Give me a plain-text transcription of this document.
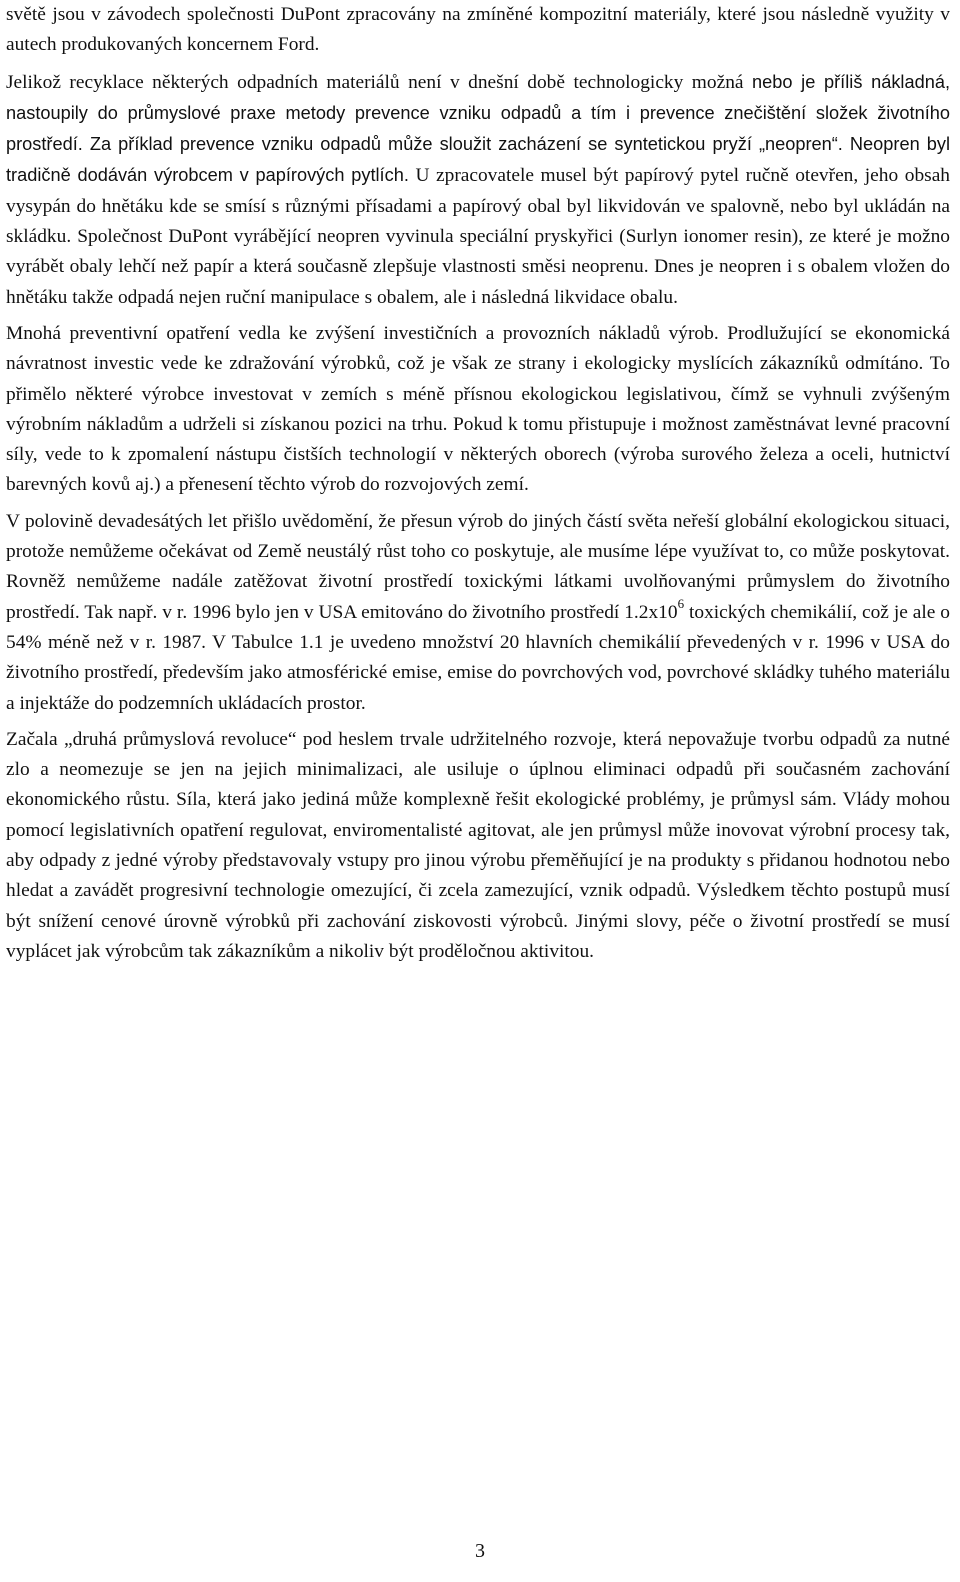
světě jsou v závodech společnosti DuPont zpracovány na zmíněné kompozitní materiály, které jsou následně využity v autech produkovaných koncernem Ford.

Jelikož recyklace některých odpadních materiálů není v dnešní době technologicky možná nebo je příliš nákladná, nastoupily do průmyslové praxe metody prevence vzniku odpadů a tím i prevence znečištění složek životního prostředí. Za příklad prevence vzniku odpadů může sloužit zacházení se syntetickou pryží „neopren“. Neopren byl tradičně dodáván výrobcem v papírových pytlích. U zpracovatele musel být papírový pytel ručně otevřen, jeho obsah vysypán do hnětáku kde se smísí s různými přísadami a papírový obal byl likvidován ve spalovně, nebo byl ukládán na skládku. Společnost DuPont vyrábějící neopren vyvinula speciální pryskyřici (Surlyn ionomer resin), ze které je možno vyrábět obaly lehčí než papír a která současně zlepšuje vlastnosti směsi neoprenu. Dnes je neopren i s obalem vložen do hnětáku takže odpadá nejen ruční manipulace s obalem, ale i následná likvidace obalu.

Mnohá preventivní opatření vedla ke zvýšení investičních a provozních nákladů výrob. Prodlužující se ekonomická návratnost investic vede ke zdražování výrobků, což je však ze strany i ekologicky myslících zákazníků odmítáno. To přimělo některé výrobce investovat v zemích s méně přísnou ekologickou legislativou, čímž se vyhnuli zvýšeným výrobním nákladům a udrželi si získanou pozici na trhu. Pokud k tomu přistupuje i možnost zaměstnávat levné pracovní síly, vede to k zpomalení nástupu čistších technologií v některých oborech (výroba surového železa a oceli, hutnictví barevných kovů aj.) a přenesení těchto výrob do rozvojových zemí.

V polovině devadesátých let přišlo uvědomění, že přesun výrob do jiných částí světa neřeší globální ekologickou situaci, protože nemůžeme očekávat od Země neustálý růst toho co poskytuje, ale musíme lépe využívat to, co může poskytovat. Rovněž nemůžeme nadále zatěžovat životní prostředí toxickými látkami uvolňovanými průmyslem do životního prostředí. Tak např. v r. 1996 bylo jen v USA emitováno do životního prostředí $1.2x10^6$ toxických chemikálií, což je ale o 54% méně než v r. 1987. V Tabulce 1.1 je uvedeno množství 20 hlavních chemikálií převedených v r. 1996 v USA do životního prostředí, především jako atmosférické emise, emise do povrchových vod, povrchové skládky tuhého materiálu a injektáže do podzemních ukládacích prostor.

Začala „druhá průmyslová revoluce“ pod heslem trvale udržitelného rozvoje, která nepovažuje tvorbu odpadů za nutné zlo a neomezuje se jen na jejich minimalizaci, ale usiluje o úplnou eliminaci odpadů při současném zachování ekonomického růstu. Síla, která jako jediná může komplexně řešit ekologické problémy, je průmysl sám. Vlády mohou pomocí legislativních opatření regulovat, enviromentalisté agitovat, ale jen průmysl může inovovat výrobní procesy tak, aby odpady z jedné výroby představovaly vstupy pro jinou výrobu přeměňující je na produkty s přidanou hodnotou nebo hledat a zavádět progresivní technologie omezující, či zcela zamezující, vznik odpadů. Výsledkem těchto postupů musí být snížení cenové úrovně výrobků při zachování ziskovosti výrobců. Jinými slovy, péče o životní prostředí se musí vyplácet jak výrobcům tak zákazníkům a nikoliv být proděločnou aktivitou.

3
